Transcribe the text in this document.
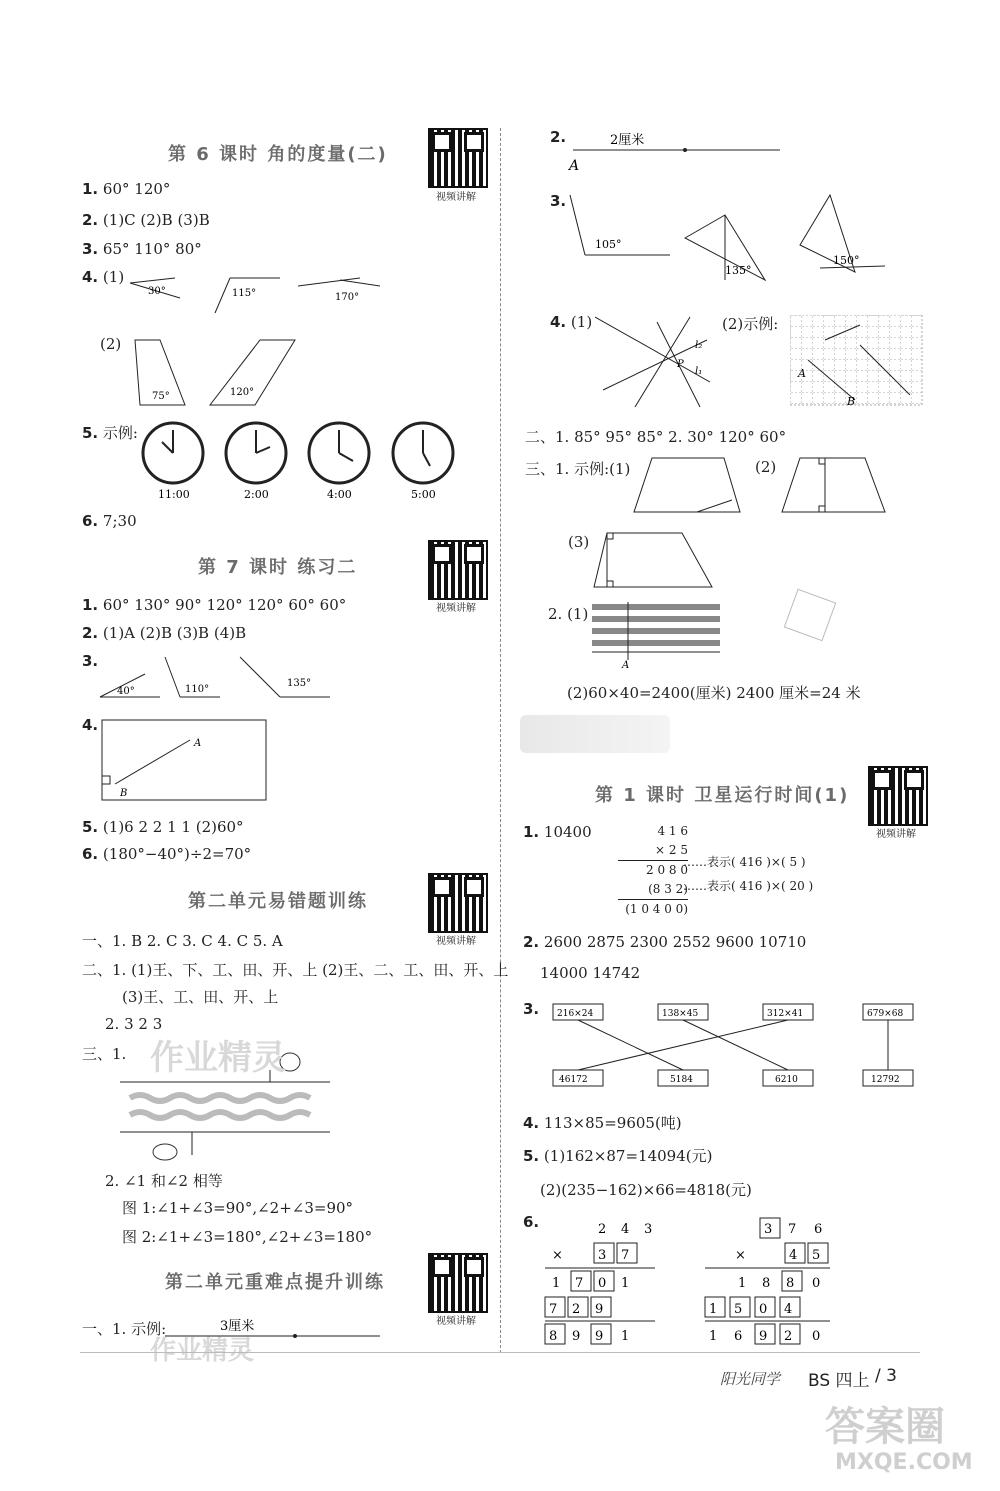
第 6 课时 角的度量(二)
视频讲解
1. 60° 120°
2. (1)C (2)B (3)B
3. 65° 110° 80°
4. (1)
30°	115°	170°
(2)
75°	120°
5. 示例:
11:00	2:00	4:00	5:00
6. 7;30
第 7 课时 练习二
视频讲解
1. 60° 130° 90° 120° 120° 60° 60°
2. (1)A (2)B (3)B (4)B
3.
40°	110°
135°
4.
A
B
5. (1)6 2 2 1 1 (2)60°
6. (180°−40°)÷2=70°
第二单元易错题训练
视频讲解
一、1. B 2. C 3. C 4. C 5. A
二、1. (1)王、下、工、田、开、上 (2)王、二、工、田、开、上
(3)王、工、田、开、上
2. 3 2 3
三、1.
2. ∠1 和∠2 相等
图 1:∠1+∠3=90°,∠2+∠3=90°
图 2:∠1+∠3=180°,∠2+∠3=180°
第二单元重难点提升训练
视频讲解
一、1. 示例:	3厘米
作业精灵
作业精灵
2.	2厘米
A
3.
105°
135°
150°
4. (1)
l₂
P
l₁
(2)示例:
A
B
二、1. 85° 95° 85° 2. 30° 120° 60°
三、1. 示例:(1)	(2)
(3)
2. (1)
A
(2)60×40=2400(厘米) 2400 厘米=24 米
第 1 课时 卫星运行时间(1)
视频讲解
1. 10400	4 1 6
× 2 5
2 0 8 0
(8 3 2)
(1 0 4 0 0)
……表示( 416 )×( 5 )
……表示( 416 )×( 20 )
2. 2600 2875 2300 2552 9600 10710
14000 14742
3. 216×24	138×45	312×41	679×68
46172	5184	6210	12792
4. 113×85=9605(吨)
5. (1)162×87=14094(元)
(2)(235−162)×66=4818(元)
6.	2 4 3
×	3 7
1 7 0 1
7 2 9
8 9 9 1
3 7 6
×	4 5
1 8 8 0
1 5 0 4
1 6 9 2 0
阳光同学 BS 四上 / 3
答案圈
MXQE.COM
